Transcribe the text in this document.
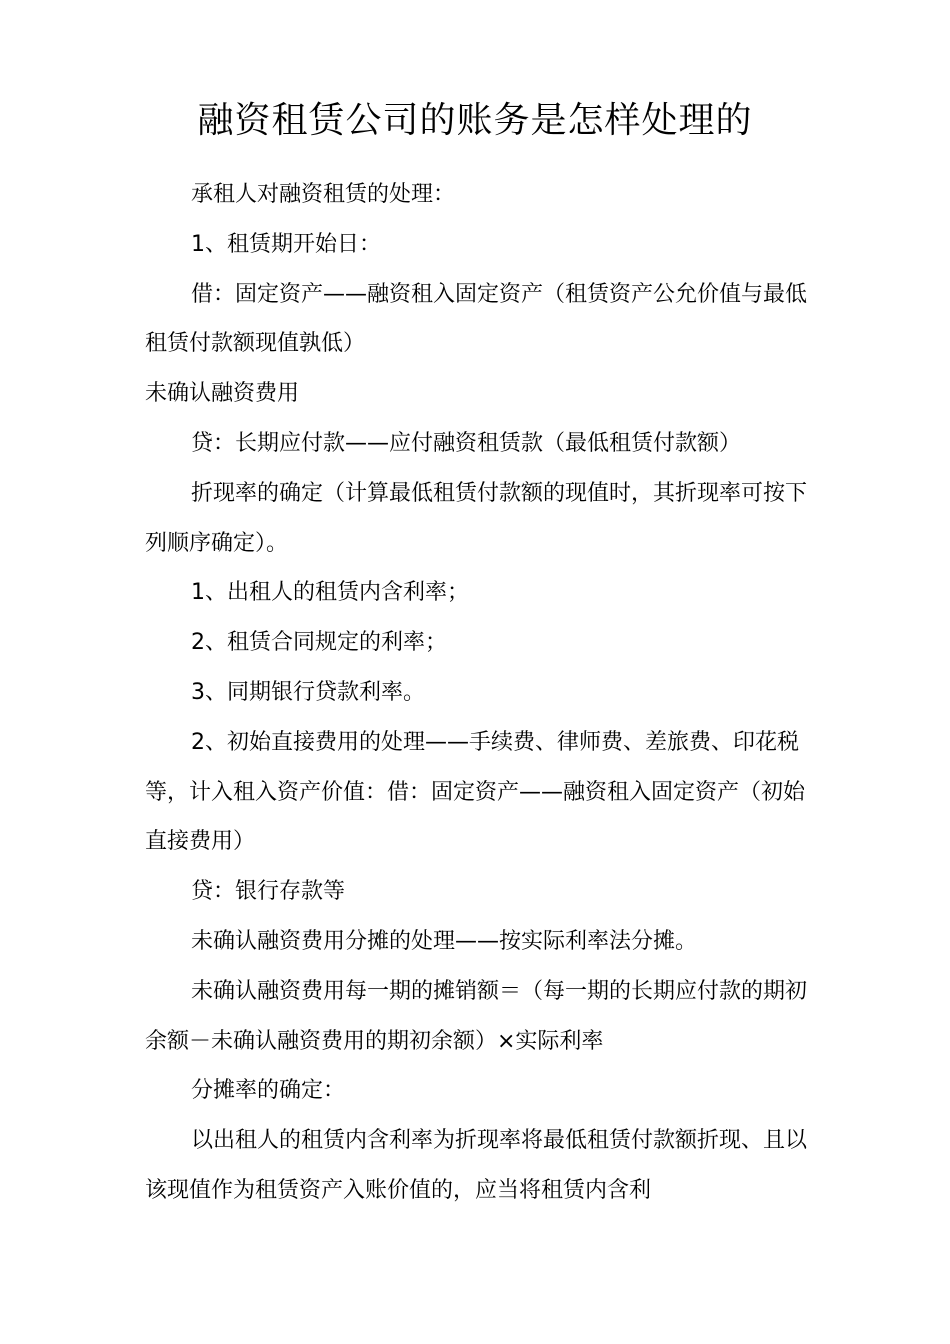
融资租赁公司的账务是怎样处理的

承租人对融资租赁的处理：

1、租赁期开始日：

借：固定资产——融资租入固定资产（租赁资产公允价值与最低租赁付款额现值孰低）

未确认融资费用

贷：长期应付款——应付融资租赁款（最低租赁付款额）

折现率的确定（计算最低租赁付款额的现值时，其折现率可按下列顺序确定）。

1、出租人的租赁内含利率；

2、租赁合同规定的利率；

3、同期银行贷款利率。

2、初始直接费用的处理——手续费、律师费、差旅费、印花税等，计入租入资产价值：借：固定资产——融资租入固定资产（初始直接费用）

贷：银行存款等

未确认融资费用分摊的处理——按实际利率法分摊。

未确认融资费用每一期的摊销额＝（每一期的长期应付款的期初余额－未确认融资费用的期初余额）×实际利率

分摊率的确定：

以出租人的租赁内含利率为折现率将最低租赁付款额折现、且以该现值作为租赁资产入账价值的，应当将租赁内含利
